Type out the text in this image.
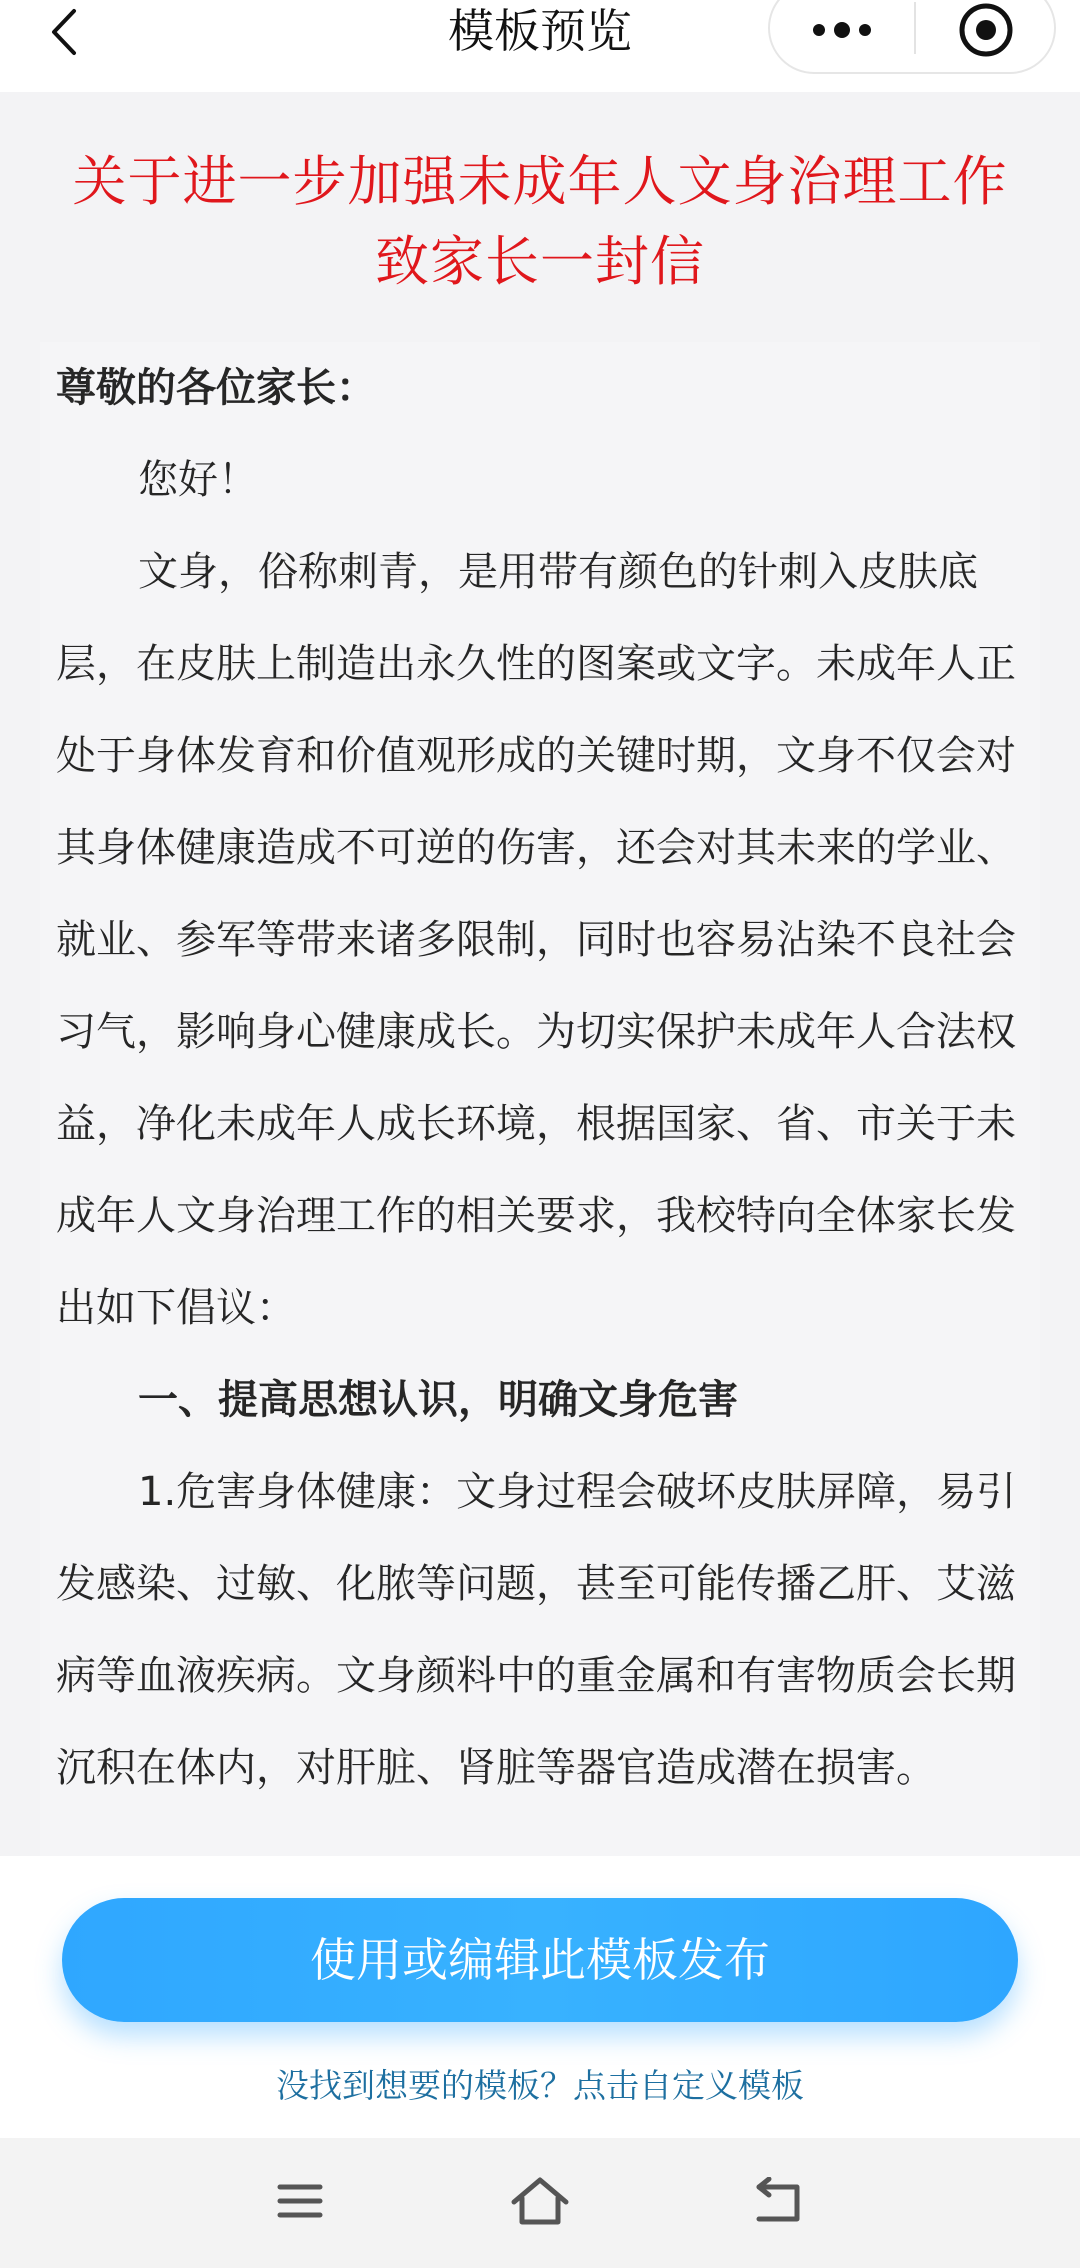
模板预览
关于进一步加强未成年人文身治理工作
致家长一封信
尊敬的各位家长：
您好！
文身，俗称刺青，是用带有颜色的针刺入皮肤底层，在皮肤上制造出永久性的图案或文字。未成年人正处于身体发育和价值观形成的关键时期，文身不仅会对其身体健康造成不可逆的伤害，还会对其未来的学业、就业、参军等带来诸多限制，同时也容易沾染不良社会习气，影响身心健康成长。为切实保护未成年人合法权益，净化未成年人成长环境，根据国家、省、市关于未成年人文身治理工作的相关要求，我校特向全体家长发出如下倡议：
一、提高思想认识，明确文身危害
1.危害身体健康：文身过程会破坏皮肤屏障，易引发感染、过敏、化脓等问题，甚至可能传播乙肝、艾滋病等血液疾病。文身颜料中的重金属和有害物质会长期沉积在体内，对肝脏、肾脏等器官造成潜在损害。
使用或编辑此模板发布
没找到想要的模板？点击自定义模板
